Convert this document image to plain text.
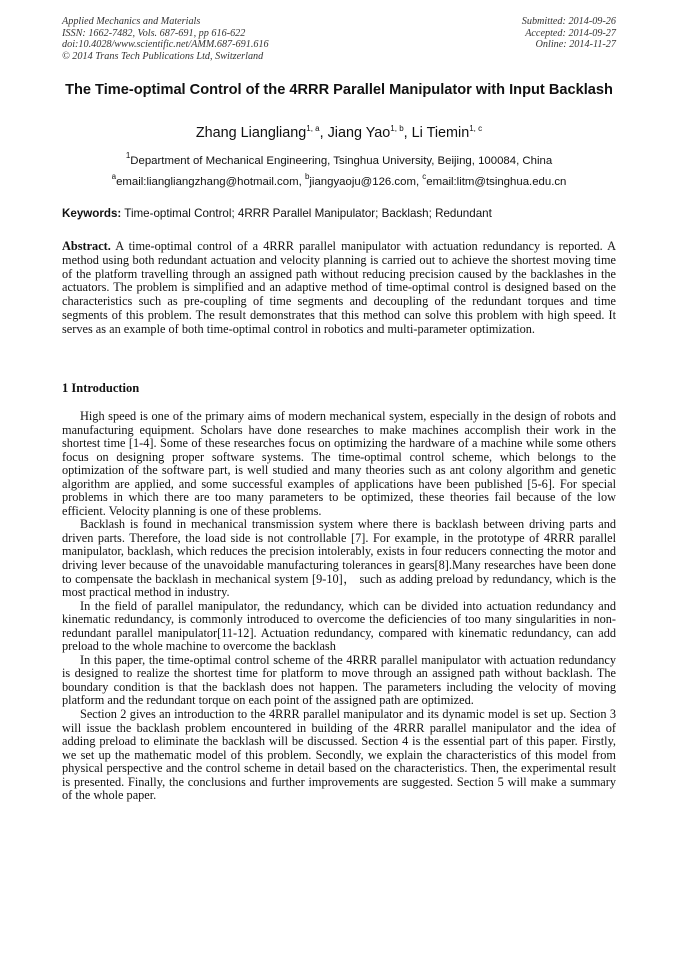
Applied Mechanics and Materials
ISSN: 1662-7482, Vols. 687-691, pp 616-622
doi:10.4028/www.scientific.net/AMM.687-691.616
© 2014 Trans Tech Publications Ltd, Switzerland
Submitted: 2014-09-26
Accepted: 2014-09-27
Online: 2014-11-27
The Time-optimal Control of the 4RRR Parallel Manipulator with Input Backlash
Zhang Liangliang$^{1, a}$, Jiang Yao$^{1, b}$, Li Tiemin$^{1, c}$
$^1$Department of Mechanical Engineering, Tsinghua University, Beijing, 100084, China
$^a$email:liangliangzhang@hotmail.com, $^b$jiangyaoju@126.com, $^c$email:litm@tsinghua.edu.cn
Keywords: Time-optimal Control; 4RRR Parallel Manipulator; Backlash; Redundant
Abstract. A time-optimal control of a 4RRR parallel manipulator with actuation redundancy is reported. A method using both redundant actuation and velocity planning is carried out to achieve the shortest moving time of the platform travelling through an assigned path without reducing precision caused by the backlashes in the actuators. The problem is simplified and an adaptive method of time-optimal control is designed based on the characteristics such as pre-coupling of time segments and decoupling of the redundant torques and time segments of this problem. The result demonstrates that this method can solve this problem with high speed. It serves as an example of both time-optimal control in robotics and multi-parameter optimization.
1 Introduction

High speed is one of the primary aims of modern mechanical system, especially in the design of robots and manufacturing equipment. Scholars have done researches to make machines accomplish their work in the shortest time [1-4]. Some of these researches focus on optimizing the hardware of a machine while some others focus on designing proper software systems. The time-optimal control scheme, which belongs to the optimization of the software part, is well studied and many theories such as ant colony algorithm and genetic algorithm are applied, and some successful examples of applications have been published [5-6]. For special problems in which there are too many parameters to be optimized, these theories fail because of the low efficient. Velocity planning is one of these problems.

Backlash is found in mechanical transmission system where there is backlash between driving parts and driven parts. Therefore, the load side is not controllable [7]. For example, in the prototype of 4RRR parallel manipulator, backlash, which reduces the precision intolerably, exists in four reducers connecting the motor and driving lever because of the unavoidable manufacturing tolerances in gears[8].Many researches have been done to compensate the backlash in mechanical system [9-10]， such as adding preload by redundancy, which is the most practical method in industry.

In the field of parallel manipulator, the redundancy, which can be divided into actuation redundancy and kinematic redundancy, is commonly introduced to overcome the deficiencies of too many singularities in non-redundant parallel manipulator[11-12]. Actuation redundancy, compared with kinematic redundancy, can add preload to the whole machine to overcome the backlash

In this paper, the time-optimal control scheme of the 4RRR parallel manipulator with actuation redundancy is designed to realize the shortest time for platform to move through an assigned path without backlash. The boundary condition is that the backlash does not happen. The parameters including the velocity of moving platform and the redundant torque on each point of the assigned path are optimized.

Section 2 gives an introduction to the 4RRR parallel manipulator and its dynamic model is set up. Section 3 will issue the backlash problem encountered in building of the 4RRR parallel manipulator and the idea of adding preload to eliminate the backlash will be discussed. Section 4 is the essential part of this paper. Firstly, we set up the mathematic model of this problem. Secondly, we explain the characteristics of this model from physical perspective and the control scheme in detail based on the characteristics. Then, the experimental result is presented. Finally, the conclusions and further improvements are suggested. Section 5 will make a summary of the whole paper.
